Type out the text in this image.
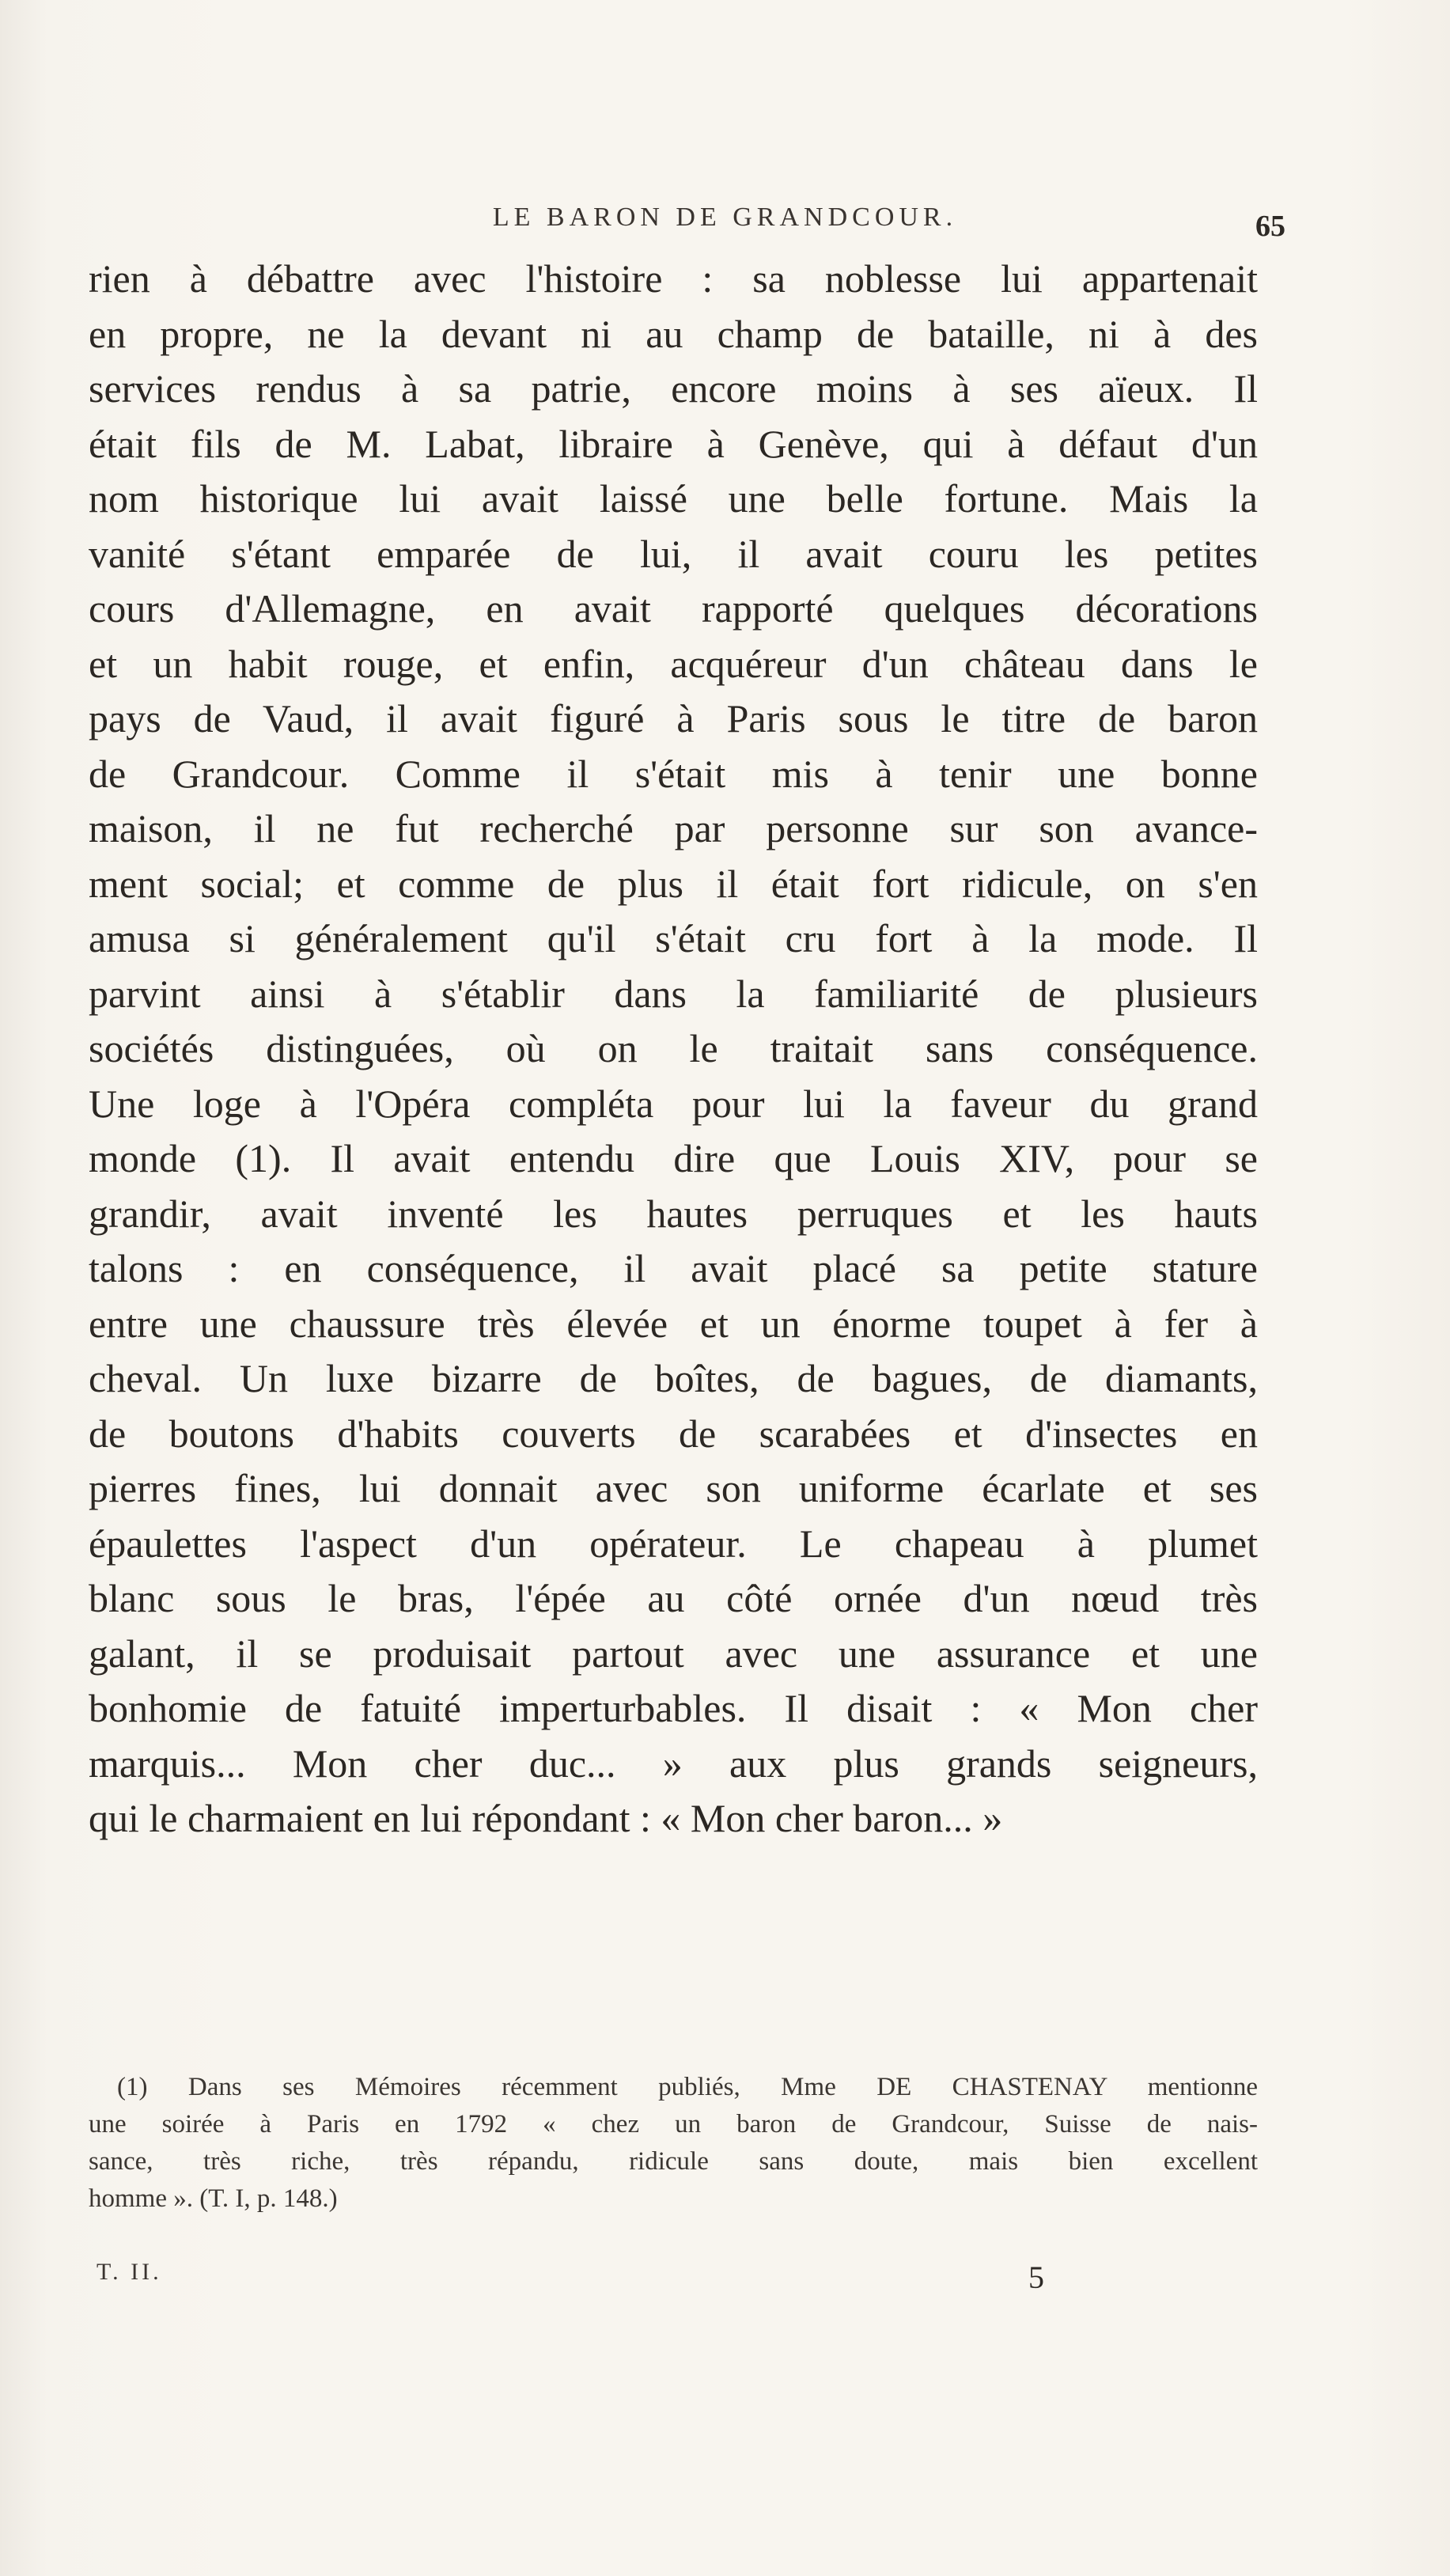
LE BARON DE GRANDCOUR.	65
rien à débattre avec l'histoire : sa noblesse lui appartenait
en propre, ne la devant ni au champ de bataille, ni à des
services rendus à sa patrie, encore moins à ses aïeux. Il
était fils de M. Labat, libraire à Genève, qui à défaut d'un
nom historique lui avait laissé une belle fortune. Mais la
vanité s'étant emparée de lui, il avait couru les petites
cours d'Allemagne, en avait rapporté quelques décorations
et un habit rouge, et enfin, acquéreur d'un château dans le
pays de Vaud, il avait figuré à Paris sous le titre de baron
de Grandcour. Comme il s'était mis à tenir une bonne
maison, il ne fut recherché par personne sur son avance-
ment social; et comme de plus il était fort ridicule, on s'en
amusa si généralement qu'il s'était cru fort à la mode. Il
parvint ainsi à s'établir dans la familiarité de plusieurs
sociétés distinguées, où on le traitait sans conséquence.
Une loge à l'Opéra compléta pour lui la faveur du grand
monde (1). Il avait entendu dire que Louis XIV, pour se
grandir, avait inventé les hautes perruques et les hauts
talons : en conséquence, il avait placé sa petite stature
entre une chaussure très élevée et un énorme toupet à fer à
cheval. Un luxe bizarre de boîtes, de bagues, de diamants,
de boutons d'habits couverts de scarabées et d'insectes en
pierres fines, lui donnait avec son uniforme écarlate et ses
épaulettes l'aspect d'un opérateur. Le chapeau à plumet
blanc sous le bras, l'épée au côté ornée d'un nœud très
galant, il se produisait partout avec une assurance et une
bonhomie de fatuité imperturbables. Il disait : « Mon cher
marquis... Mon cher duc... » aux plus grands seigneurs,
qui le charmaient en lui répondant : « Mon cher baron... »
(1) Dans ses Mémoires récemment publiés, Mme DE CHASTENAY mentionne
une soirée à Paris en 1792 « chez un baron de Grandcour, Suisse de nais-
sance, très riche, très répandu, ridicule sans doute, mais bien excellent
homme ». (T. I, p. 148.)
T. II.	5
